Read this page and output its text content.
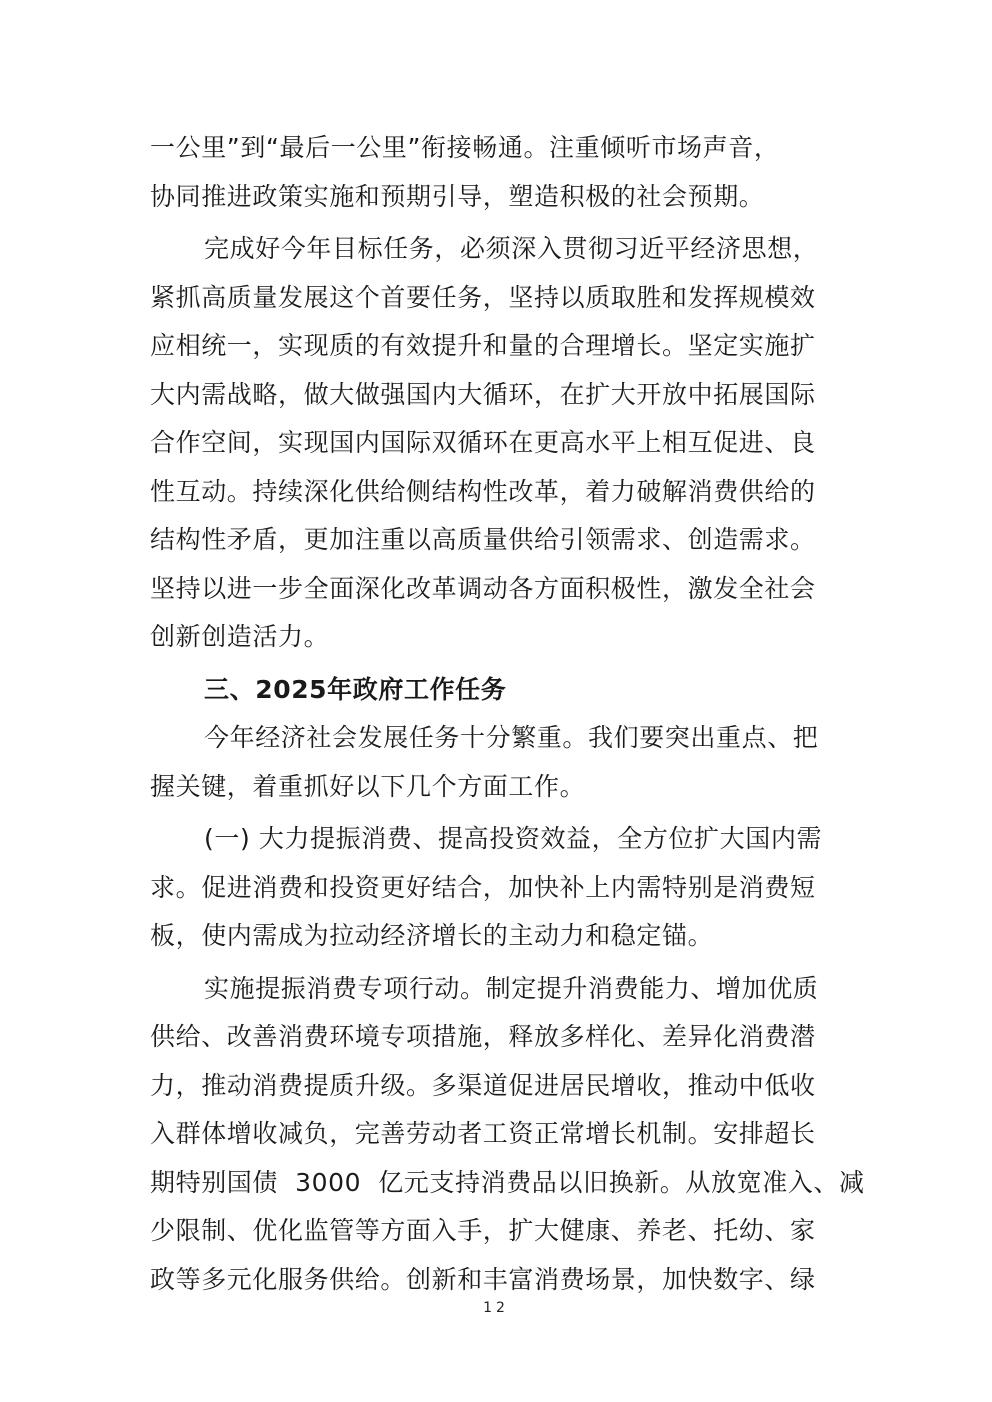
一公里”到“最后一公里”衔接畅通。注重倾听市场声音，
协同推进政策实施和预期引导，塑造积极的社会预期。
完成好今年目标任务，必须深入贯彻习近平经济思想，
紧抓高质量发展这个首要任务，坚持以质取胜和发挥规模效
应相统一，实现质的有效提升和量的合理增长。坚定实施扩
大内需战略，做大做强国内大循环，在扩大开放中拓展国际
合作空间，实现国内国际双循环在更高水平上相互促进、良
性互动。持续深化供给侧结构性改革，着力破解消费供给的
结构性矛盾，更加注重以高质量供给引领需求、创造需求。
坚持以进一步全面深化改革调动各方面积极性，激发全社会
创新创造活力。
三、2025年政府工作任务
今年经济社会发展任务十分繁重。我们要突出重点、把
握关键，着重抓好以下几个方面工作。
(一) 大力提振消费、提高投资效益，全方位扩大国内需
求。促进消费和投资更好结合，加快补上内需特别是消费短
板，使内需成为拉动经济增长的主动力和稳定锚。
实施提振消费专项行动。制定提升消费能力、增加优质
供给、改善消费环境专项措施，释放多样化、差异化消费潜
力，推动消费提质升级。多渠道促进居民增收，推动中低收
入群体增收减负，完善劳动者工资正常增长机制。安排超长
期特别国债  3000  亿元支持消费品以旧换新。从放宽准入、减
少限制、优化监管等方面入手，扩大健康、养老、托幼、家
政等多元化服务供给。创新和丰富消费场景，加快数字、绿
12
